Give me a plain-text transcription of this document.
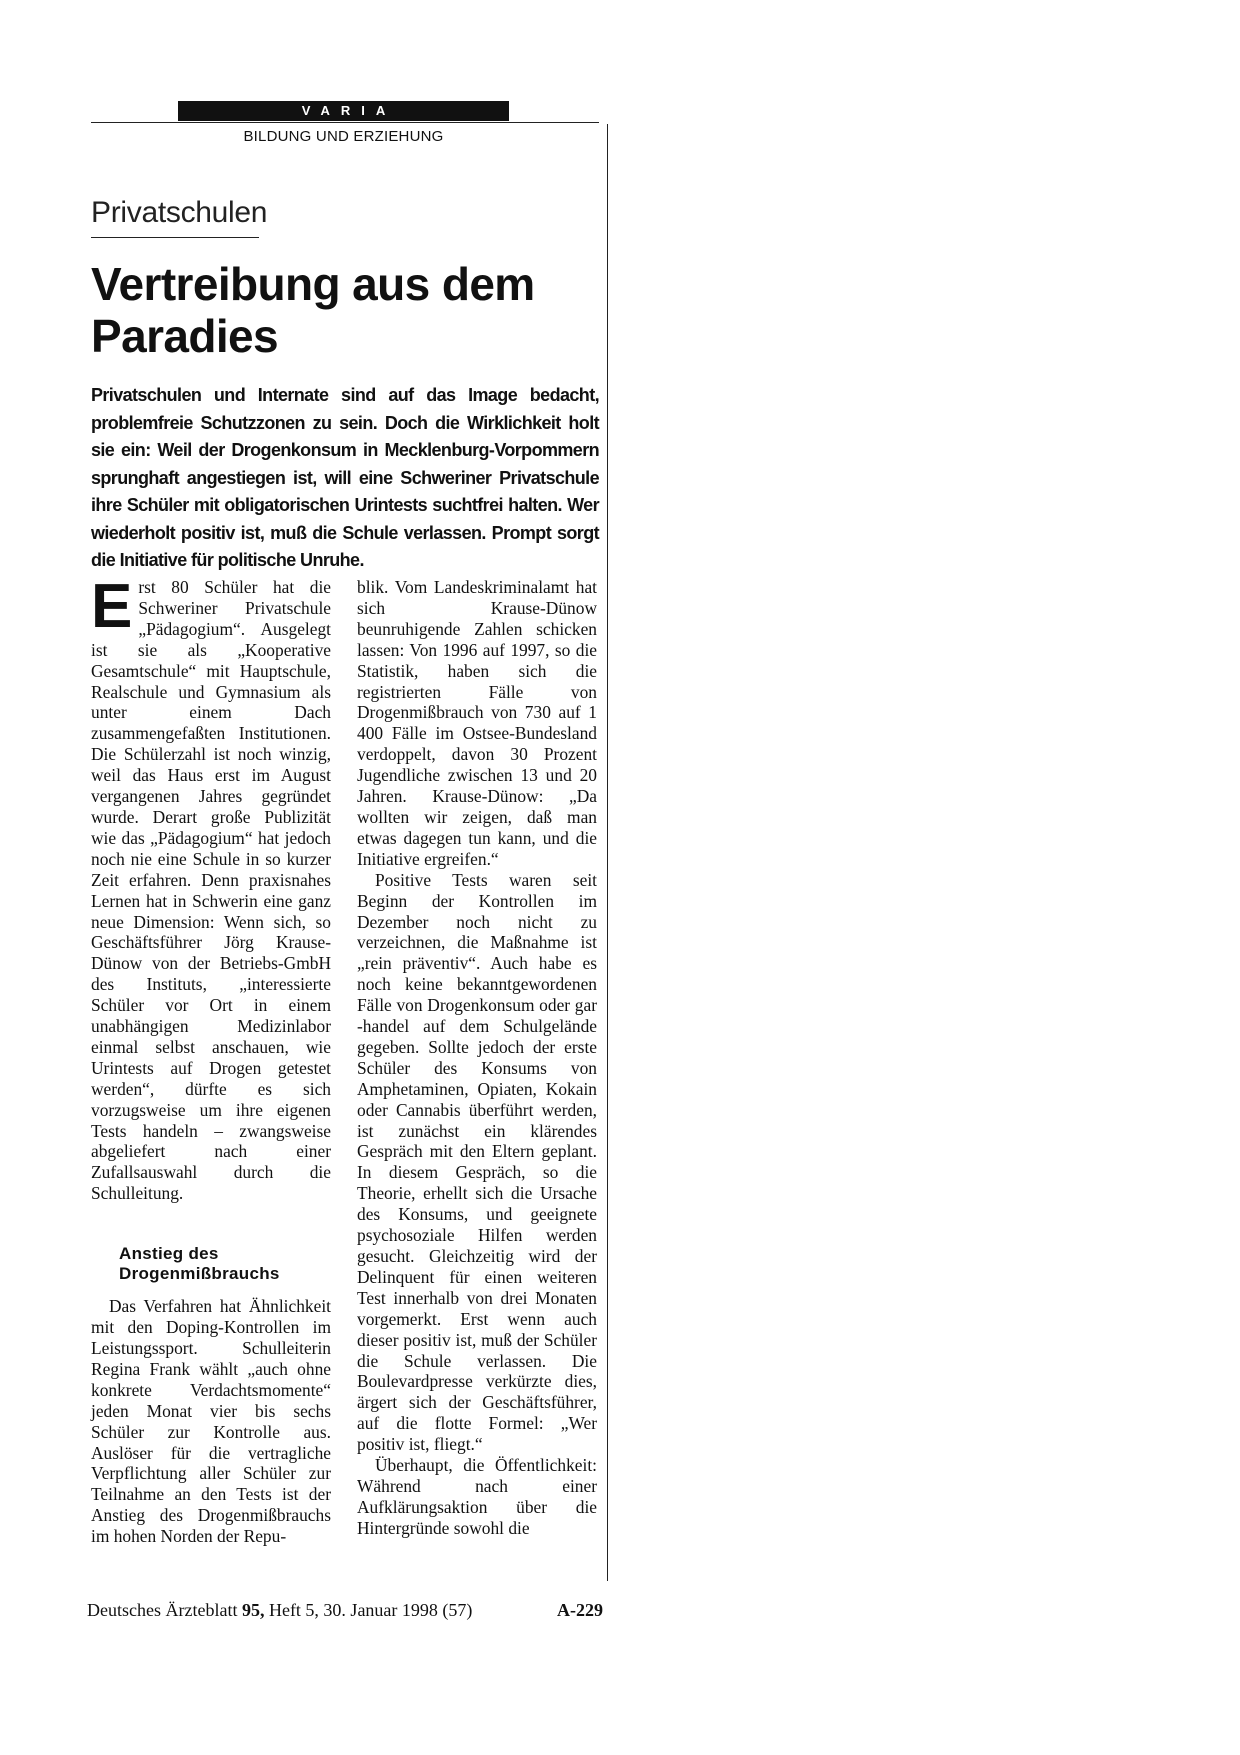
VARIA
BILDUNG UND ERZIEHUNG
Privatschulen
Vertreibung aus dem Paradies

Privatschulen und Internate sind auf das Image bedacht, problemfreie Schutzzonen zu sein. Doch die Wirklichkeit holt sie ein: Weil der Drogenkonsum in Mecklenburg-Vorpommern sprunghaft angestiegen ist, will eine Schweriner Privatschule ihre Schüler mit obligatorischen Urintests suchtfrei halten. Wer wiederholt positiv ist, muß die Schule verlassen. Prompt sorgt die Initiative für politische Unruhe.

Erst 80 Schüler hat die Schweriner Privatschule „Pädagogium“. Ausgelegt ist sie als „Kooperative Gesamtschule“ mit Hauptschule, Realschule und Gymnasium als unter einem Dach zusammengefaßten Institutionen. Die Schülerzahl ist noch winzig, weil das Haus erst im August vergangenen Jahres gegründet wurde. Derart große Publizität wie das „Pädagogium“ hat jedoch noch nie eine Schule in so kurzer Zeit erfahren. Denn praxisnahes Lernen hat in Schwerin eine ganz neue Dimension: Wenn sich, so Geschäftsführer Jörg Krause-Dünow von der Betriebs-GmbH des Instituts, „interessierte Schüler vor Ort in einem unabhängigen Medizinlabor einmal selbst anschauen, wie Urintests auf Drogen getestet werden“, dürfte es sich vorzugsweise um ihre eigenen Tests handeln – zwangsweise abgeliefert nach einer Zufallsauswahl durch die Schulleitung.

Anstieg des Drogenmißbrauchs

Das Verfahren hat Ähnlichkeit mit den Doping-Kontrollen im Leistungssport. Schulleiterin Regina Frank wählt „auch ohne konkrete Verdachtsmomente“ jeden Monat vier bis sechs Schüler zur Kontrolle aus. Auslöser für die vertragliche Verpflichtung aller Schüler zur Teilnahme an den Tests ist der Anstieg des Drogenmißbrauchs im hohen Norden der Repu-

blik. Vom Landeskriminalamt hat sich Krause-Dünow beunruhigende Zahlen schicken lassen: Von 1996 auf 1997, so die Statistik, haben sich die registrierten Fälle von Drogenmißbrauch von 730 auf 1 400 Fälle im Ostsee-Bundesland verdoppelt, davon 30 Prozent Jugendliche zwischen 13 und 20 Jahren. Krause-Dünow: „Da wollten wir zeigen, daß man etwas dagegen tun kann, und die Initiative ergreifen.“

Positive Tests waren seit Beginn der Kontrollen im Dezember noch nicht zu verzeichnen, die Maßnahme ist „rein präventiv“. Auch habe es noch keine bekanntgewordenen Fälle von Drogenkonsum oder gar -handel auf dem Schulgelände gegeben. Sollte jedoch der erste Schüler des Konsums von Amphetaminen, Opiaten, Kokain oder Cannabis überführt werden, ist zunächst ein klärendes Gespräch mit den Eltern geplant. In diesem Gespräch, so die Theorie, erhellt sich die Ursache des Konsums, und geeignete psychosoziale Hilfen werden gesucht. Gleichzeitig wird der Delinquent für einen weiteren Test innerhalb von drei Monaten vorgemerkt. Erst wenn auch dieser positiv ist, muß der Schüler die Schule verlassen. Die Boulevardpresse verkürzte dies, ärgert sich der Geschäftsführer, auf die flotte Formel: „Wer positiv ist, fliegt.“

Überhaupt, die Öffentlichkeit: Während nach einer Aufklärungsaktion über die Hintergründe sowohl die

Deutsches Ärzteblatt 95, Heft 5, 30. Januar 1998 (57)	A-229
